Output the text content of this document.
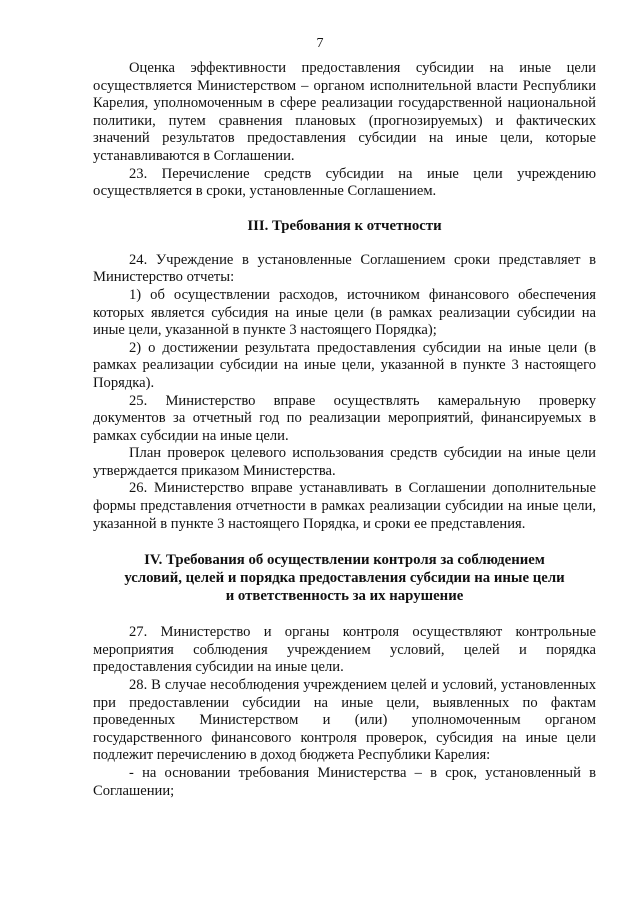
7

Оценка эффективности предоставления субсидии на иные цели осуществляется Министерством – органом исполнительной власти Республики Карелия, уполномоченным в сфере реализации государственной национальной политики, путем сравнения плановых (прогнозируемых) и фактических значений результатов предоставления субсидии на иные цели, которые устанавливаются в Соглашении.

23. Перечисление средств субсидии на иные цели учреждению осуществляется в сроки, установленные Соглашением.

III. Требования к отчетности

24. Учреждение в установленные Соглашением сроки представляет в Министерство отчеты:

1) об осуществлении расходов, источником финансового обеспечения которых является субсидия на иные цели (в рамках реализации субсидии на иные цели, указанной в пункте 3 настоящего Порядка);

2) о достижении результата предоставления субсидии на иные цели (в рамках реализации субсидии на иные цели, указанной в пункте 3 настоящего Порядка).

25. Министерство вправе осуществлять камеральную проверку документов за отчетный год по реализации мероприятий, финансируемых в рамках субсидии на иные цели.

План проверок целевого использования средств субсидии на иные цели утверждается приказом Министерства.

26. Министерство вправе устанавливать в Соглашении дополнительные формы представления отчетности в рамках реализации субсидии на иные цели, указанной в пункте 3 настоящего Порядка, и сроки ее представления.

IV. Требования об осуществлении контроля за соблюдением
условий, целей и порядка предоставления субсидии на иные цели
и ответственность за их нарушение

27. Министерство и органы контроля осуществляют контрольные мероприятия соблюдения учреждением условий, целей и порядка предоставления субсидии на иные цели.

28. В случае несоблюдения учреждением целей и условий, установленных при предоставлении субсидии на иные цели, выявленных по фактам проведенных Министерством и (или) уполномоченным органом государственного финансового контроля проверок, субсидия на иные цели подлежит перечислению в доход бюджета Республики Карелия:

- на основании требования Министерства – в срок, установленный в Соглашении;
